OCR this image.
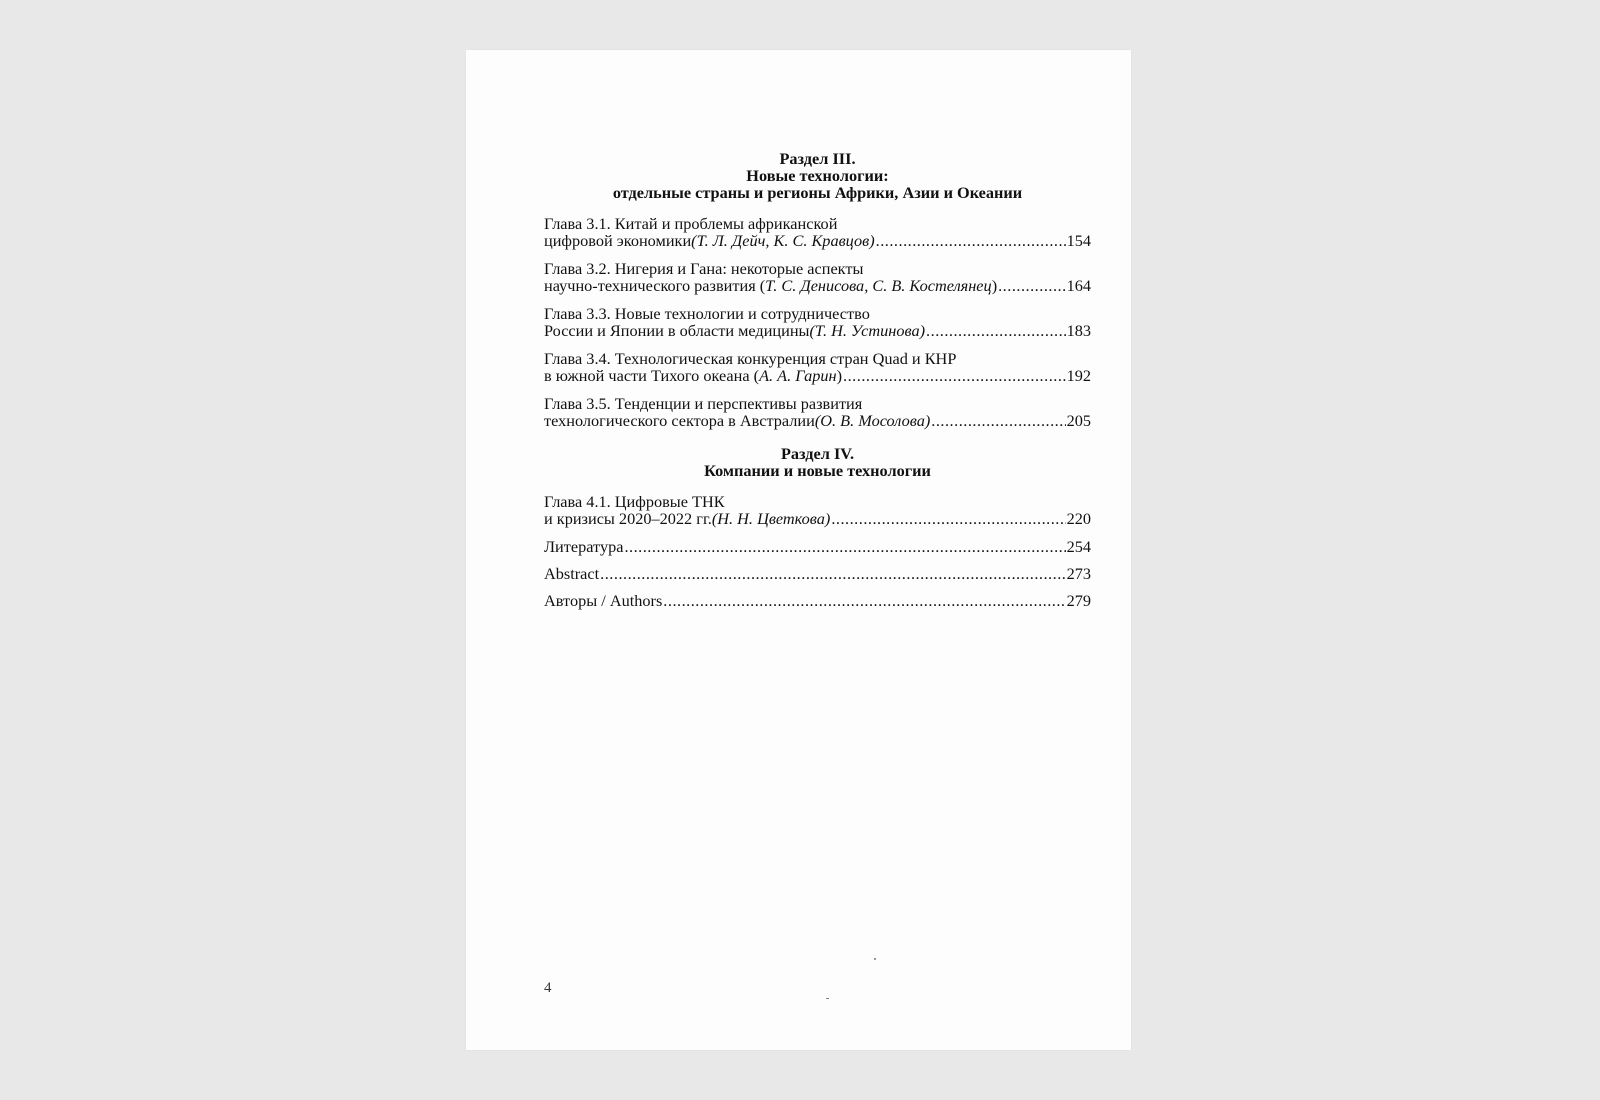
Раздел III.
Новые технологии:
отдельные страны и регионы Африки, Азии и Океании
Глава 3.1. Китай и проблемы африканской
цифровой экономики (Т. Л. Дейч, К. С. Кравцов) .....	154
Глава 3.2. Нигерия и Гана: некоторые аспекты
научно-технического развития ( Т. С. Денисова, С. В. Костелянец ) .....	164
Глава 3.3. Новые технологии и сотрудничество
России и Японии в области медицины (Т. Н. Устинова) .....	183
Глава 3.4. Технологическая конкуренция стран Quad и КНР
в южной части Тихого океана ( А. А. Гарин ) .....	192
Глава 3.5. Тенденции и перспективы развития
технологического сектора в Австралии (О. В. Мосолова) .....	205
Раздел IV.
Компании и новые технологии
Глава 4.1. Цифровые ТНК
и кризисы 2020–2022 гг. (Н. Н. Цветкова) .....	220
Литература .....	254
Abstract .....	273
Авторы / Authors .....	279
4
